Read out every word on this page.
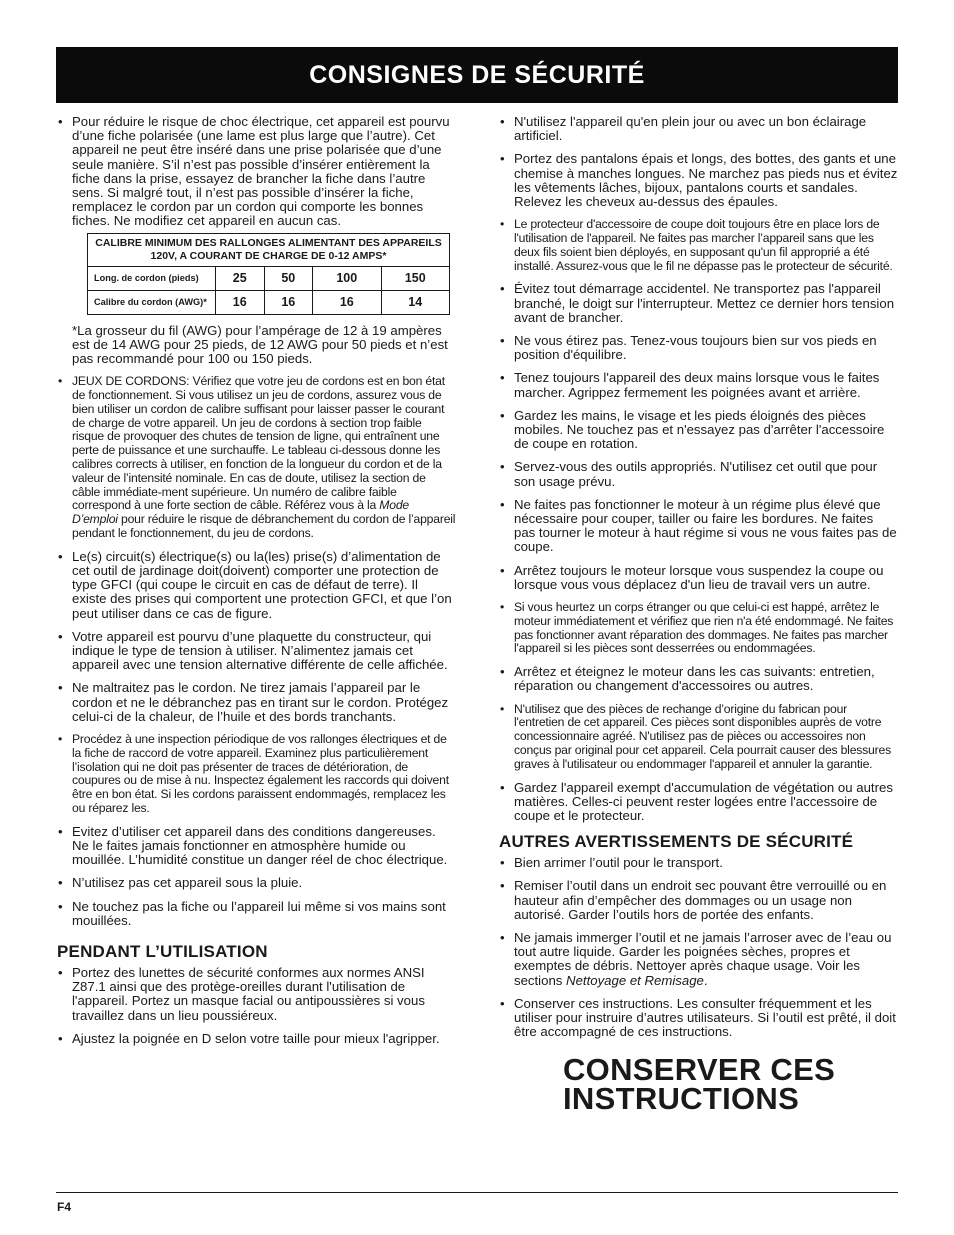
CONSIGNES DE SÉCURITÉ
• Pour réduire le risque de choc électrique, cet appareil est pourvu d’une fiche polarisée (une lame est plus large que l’autre). Cet appareil ne peut être inséré dans une prise polarisée que d’une seule manière. S’il n’est pas possible d’insérer entièrement la fiche dans la prise, essayez de brancher la fiche dans l’autre sens. Si malgré tout, il n’est pas possible d’insérer la fiche, remplacez le cordon par un cordon qui comporte les bonnes fiches. Ne modifiez cet appareil en aucun cas.
CALIBRE MINIMUM DES RALLONGES ALIMENTANT DES APPAREILS 120V, A COURANT DE CHARGE DE 0-12 AMPS*				
Long. de cordon (pieds)	25	50	100	150
Calibre du cordon (AWG)*	16	16	16	14
*La grosseur du fil (AWG) pour l’ampérage de 12 à 19 ampères est de 14 AWG pour 25 pieds, de 12 AWG pour 50 pieds et n’est pas recommandé pour 100 ou 150 pieds.
• JEUX DE CORDONS: Vérifiez que votre jeu de cordons est en bon état de fonctionnement. Si vous utilisez un jeu de cordons, assurez vous de bien utiliser un cordon de calibre suffisant pour laisser passer le courant de charge de votre appareil. Un jeu de cordons à section trop faible risque de provoquer des chutes de tension de ligne, qui entraînent une perte de puissance et une surchauffe. Le tableau ci-dessous donne les calibres corrects à utiliser, en fonction de la longueur du cordon et de la valeur de l’intensité nominale. En cas de doute, utilisez la section de câble immédiate-ment supérieure. Un numéro de calibre faible correspond à une forte section de câble. Référez vous à la Mode D’emploi pour réduire le risque de débranchement du cordon de l’appareil pendant le fonctionnement, du jeu de cordons.
• Le(s) circuit(s) électrique(s) ou la(les) prise(s) d’alimentation de cet outil de jardinage doit(doivent) comporter une protection de type GFCI (qui coupe le circuit en cas de défaut de terre). Il existe des prises qui comportent une protection GFCI, et que l’on peut utiliser dans ce cas de figure.
• Votre appareil est pourvu d’une plaquette du constructeur, qui indique le type de tension à utiliser. N’alimentez jamais cet appareil avec une tension alternative différente de celle affichée.
• Ne maltraitez pas le cordon. Ne tirez jamais l’appareil par le cordon et ne le débranchez pas en tirant sur le cordon. Protégez celui-ci de la chaleur, de l’huile et des bords tranchants.
• Procédez à une inspection périodique de vos rallonges électriques et de la fiche de raccord de votre appareil. Examinez plus particulièrement l’isolation qui ne doit pas présenter de traces de détérioration, de coupures ou de mise à nu. Inspectez également les raccords qui doivent être en bon état. Si les cordons paraissent endommagés, remplacez les ou réparez les.
• Evitez d’utiliser cet appareil dans des conditions dangereuses. Ne le faites jamais fonctionner en atmosphère humide ou mouillée. L’humidité constitue un danger réel de choc électrique.
• N’utilisez pas cet appareil sous la pluie.
• Ne touchez pas la fiche ou l’appareil lui même si vos mains sont mouillées.
PENDANT L’UTILISATION
• Portez des lunettes de sécurité conformes aux normes ANSI Z87.1 ainsi que des protège-oreilles durant l'utilisation de l'appareil. Portez un masque facial ou antipoussières si vous travaillez dans un lieu poussiéreux.
• Ajustez la poignée en D selon votre taille pour mieux l'agripper.
• N'utilisez l'appareil qu'en plein jour ou avec un bon éclairage artificiel.
• Portez des pantalons épais et longs, des bottes, des gants et une chemise à manches longues. Ne marchez pas pieds nus et évitez les vêtements lâches, bijoux, pantalons courts et sandales. Relevez les cheveux au-dessus des épaules.
• Le protecteur d'accessoire de coupe doit toujours être en place lors de l'utilisation de l'appareil. Ne faites pas marcher l’appareil sans que les deux fils soient bien déployés, en supposant qu'un fil approprié a été installé. Assurez-vous que le fil ne dépasse pas le protecteur de sécurité.
• Évitez tout démarrage accidentel. Ne transportez pas l'appareil branché, le doigt sur l'interrupteur. Mettez ce dernier hors tension avant de brancher.
• Ne vous étirez pas. Tenez-vous toujours bien sur vos pieds en position d'équilibre.
• Tenez toujours l'appareil des deux mains lorsque vous le faites marcher. Agrippez fermement les poignées avant et arrière.
• Gardez les mains, le visage et les pieds éloignés des pièces mobiles. Ne touchez pas et n'essayez pas d'arrêter l'accessoire de coupe en rotation.
• Servez-vous des outils appropriés. N'utilisez cet outil que pour son usage prévu.
• Ne faites pas fonctionner le moteur à un régime plus élevé que nécessaire pour couper, tailler ou faire les bordures. Ne faites pas tourner le moteur à haut régime si vous ne vous faites pas de coupe.
• Arrêtez toujours le moteur lorsque vous suspendez la coupe ou lorsque vous vous déplacez d'un lieu de travail vers un autre.
• Si vous heurtez un corps étranger ou que celui-ci est happé, arrêtez le moteur immédiatement et vérifiez que rien n'a été endommagé. Ne faites pas fonctionner avant réparation des dommages. Ne faites pas marcher l'appareil si les pièces sont desserrées ou endommagées.
• Arrêtez et éteignez le moteur dans les cas suivants: entretien, réparation ou changement d'accessoires ou autres.
• N'utilisez que des pièces de rechange d’origine du fabrican pour l'entretien de cet appareil. Ces pièces sont disponibles auprès de votre concessionnaire agréé. N'utilisez pas de pièces ou accessoires non conçus par original pour cet appareil. Cela pourrait causer des blessures graves à l'utilisateur ou endommager l'appareil et annuler la garantie.
• Gardez l'appareil exempt d'accumulation de végétation ou autres matières. Celles-ci peuvent rester logées entre l'accessoire de coupe et le protecteur.
AUTRES AVERTISSEMENTS DE SÉCURITÉ
• Bien arrimer l’outil pour le transport.
• Remiser l’outil dans un endroit sec pouvant être verrouillé ou en hauteur afin d’empêcher des dommages ou un usage non autorisé. Garder l’outils hors de portée des enfants.
• Ne jamais immerger l’outil et ne jamais l’arroser avec de l’eau ou tout autre liquide. Garder les poignées sèches, propres et exemptes de débris. Nettoyer après chaque usage. Voir les sections Nettoyage et Remisage.
• Conserver ces instructions. Les consulter fréquemment et les utiliser pour instruire d’autres utilisateurs. Si l’outil est prêté, il doit être accompagné de ces instructions.
CONSERVER CES
INSTRUCTIONS
F4
